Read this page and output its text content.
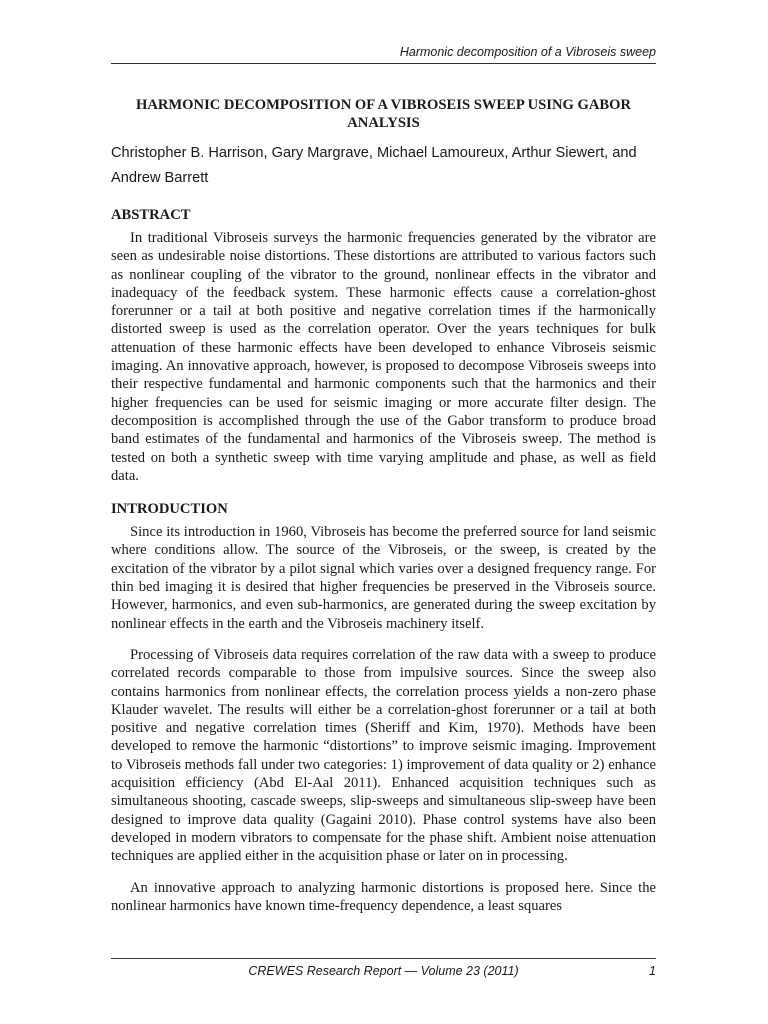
Harmonic decomposition of a Vibroseis sweep
HARMONIC DECOMPOSITION OF A VIBROSEIS SWEEP USING GABOR ANALYSIS

Christopher B. Harrison, Gary Margrave, Michael Lamoureux, Arthur Siewert, and Andrew Barrett

ABSTRACT

In traditional Vibroseis surveys the harmonic frequencies generated by the vibrator are seen as undesirable noise distortions. These distortions are attributed to various factors such as nonlinear coupling of the vibrator to the ground, nonlinear effects in the vibrator and inadequacy of the feedback system. These harmonic effects cause a correlation-ghost forerunner or a tail at both positive and negative correlation times if the harmonically distorted sweep is used as the correlation operator. Over the years techniques for bulk attenuation of these harmonic effects have been developed to enhance Vibroseis seismic imaging. An innovative approach, however, is proposed to decompose Vibroseis sweeps into their respective fundamental and harmonic components such that the harmonics and their higher frequencies can be used for seismic imaging or more accurate filter design. The decomposition is accomplished through the use of the Gabor transform to produce broad band estimates of the fundamental and harmonics of the Vibroseis sweep. The method is tested on both a synthetic sweep with time varying amplitude and phase, as well as field data.

INTRODUCTION

Since its introduction in 1960, Vibroseis has become the preferred source for land seismic where conditions allow. The source of the Vibroseis, or the sweep, is created by the excitation of the vibrator by a pilot signal which varies over a designed frequency range. For thin bed imaging it is desired that higher frequencies be preserved in the Vibroseis source. However, harmonics, and even sub-harmonics, are generated during the sweep excitation by nonlinear effects in the earth and the Vibroseis machinery itself.

Processing of Vibroseis data requires correlation of the raw data with a sweep to produce correlated records comparable to those from impulsive sources. Since the sweep also contains harmonics from nonlinear effects, the correlation process yields a non-zero phase Klauder wavelet. The results will either be a correlation-ghost forerunner or a tail at both positive and negative correlation times (Sheriff and Kim, 1970). Methods have been developed to remove the harmonic “distortions” to improve seismic imaging. Improvement to Vibroseis methods fall under two categories: 1) improvement of data quality or 2) enhance acquisition efficiency (Abd El-Aal 2011). Enhanced acquisition techniques such as simultaneous shooting, cascade sweeps, slip-sweeps and simultaneous slip-sweep have been designed to improve data quality (Gagaini 2010). Phase control systems have also been developed in modern vibrators to compensate for the phase shift. Ambient noise attenuation techniques are applied either in the acquisition phase or later on in processing.

An innovative approach to analyzing harmonic distortions is proposed here. Since the nonlinear harmonics have known time-frequency dependence, a least squares

CREWES Research Report — Volume 23 (2011)	1
